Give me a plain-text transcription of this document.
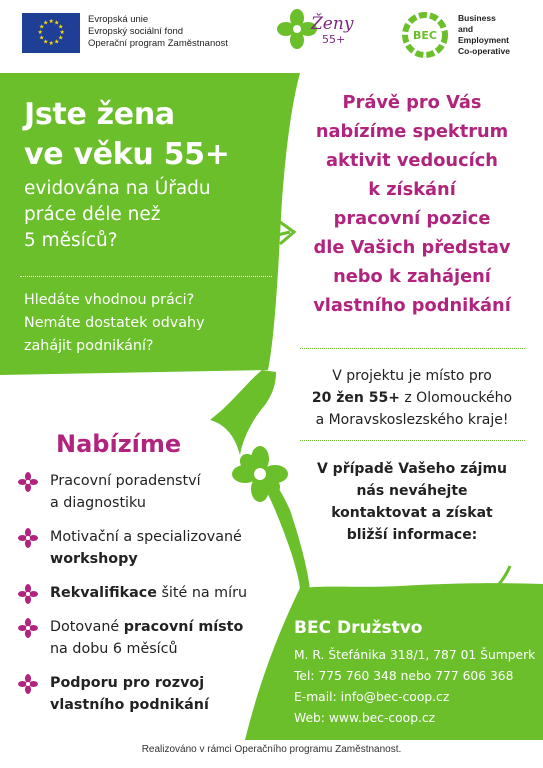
★ ★
★
★
★
★
★
★
★
★
★
★	Evropská unie
Evropský sociální fond
Operační program Zaměstnanost
Ženy
55+	BEC
Business
and
Employment
Co-operative
Jste žena
ve věku 55+
evidována na Úřadu
práce déle než
5 měsíců?
Hledáte vhodnou práci?
Nemáte dostatek odvahy
zahájit podnikání?
Právě pro Vás
nabízíme spektrum
aktivit vedoucích
k získání
pracovní pozice
dle Vašich představ
nebo k zahájení
vlastního podnikání
V projektu je místo pro
20 žen 55+ z Olomouckého
a Moravskoslezského kraje!
V případě Vašeho zájmu
nás neváhejte
kontaktovat a získat
bližší informace:
Nabízíme
Pracovní poradenství
a diagnostiku
Motivační a specializované
workshopy
Rekvalifikace šité na míru
Dotované pracovní místo
na dobu 6 měsíců
Podporu pro rozvoj
vlastního podnikání
BEC Družstvo
M. R. Štefánika 318/1, 787 01 Šumperk
Tel: 775 760 348 nebo 777 606 368
E-mail: info@bec-coop.cz
Web: www.bec-coop.cz
Realizováno v rámci Operačního programu Zaměstnanost.
